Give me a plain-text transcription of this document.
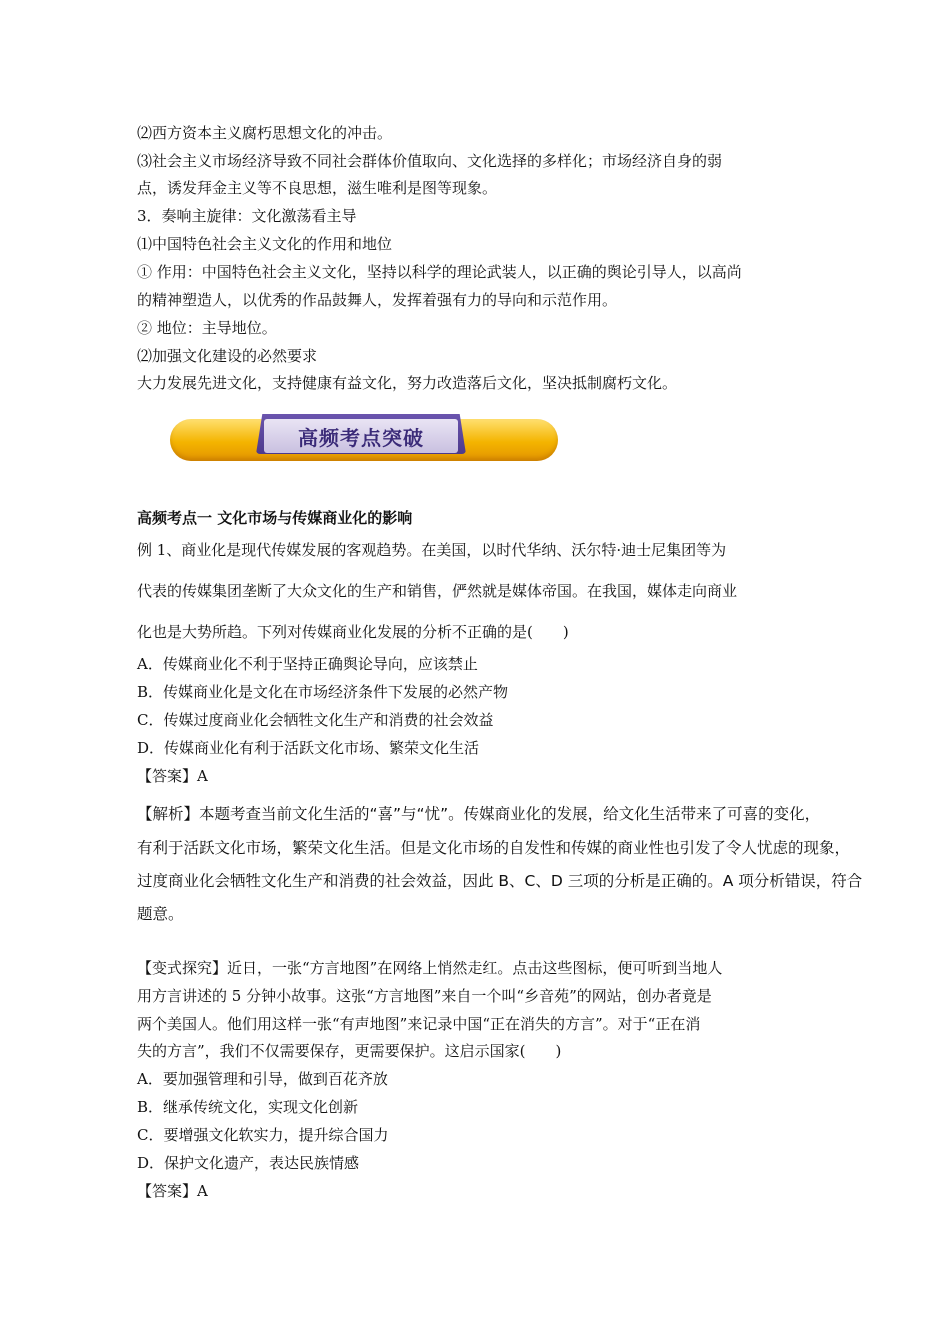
⑵西方资本主义腐朽思想文化的冲击。
⑶社会主义市场经济导致不同社会群体价值取向、文化选择的多样化；市场经济自身的弱
点，诱发拜金主义等不良思想，滋生唯利是图等现象。
3．奏响主旋律：文化激荡看主导
⑴中国特色社会主义文化的作用和地位
① 作用：中国特色社会主义文化，坚持以科学的理论武装人，以正确的舆论引导人，以高尚
的精神塑造人，以优秀的作品鼓舞人，发挥着强有力的导向和示范作用。
② 地位：主导地位。
⑵加强文化建设的必然要求
大力发展先进文化，支持健康有益文化，努力改造落后文化，坚决抵制腐朽文化。
高频考点突破
高频考点一 文化市场与传媒商业化的影响
例 1、商业化是现代传媒发展的客观趋势。在美国，以时代华纳、沃尔特·迪士尼集团等为
代表的传媒集团垄断了大众文化的生产和销售，俨然就是媒体帝国。在我国，媒体走向商业
化也是大势所趋。下列对传媒商业化发展的分析不正确的是(　　)
A．传媒商业化不利于坚持正确舆论导向，应该禁止
B．传媒商业化是文化在市场经济条件下发展的必然产物
C．传媒过度商业化会牺牲文化生产和消费的社会效益
D．传媒商业化有利于活跃文化市场、繁荣文化生活
【答案】A
【解析】本题考查当前文化生活的“喜”与“忧”。传媒商业化的发展，给文化生活带来了可喜的变化，
有利于活跃文化市场，繁荣文化生活。但是文化市场的自发性和传媒的商业性也引发了令人忧虑的现象，
过度商业化会牺牲文化生产和消费的社会效益，因此 B、C、D 三项的分析是正确的。A 项分析错误，符合
题意。
【变式探究】近日，一张“方言地图”在网络上悄然走红。点击这些图标，便可听到当地人
用方言讲述的 5 分钟小故事。这张“方言地图”来自一个叫“乡音苑”的网站，创办者竟是
两个美国人。他们用这样一张“有声地图”来记录中国“正在消失的方言”。对于“正在消
失的方言”，我们不仅需要保存，更需要保护。这启示国家(　　)
A．要加强管理和引导，做到百花齐放
B．继承传统文化，实现文化创新
C．要增强文化软实力，提升综合国力
D．保护文化遗产，表达民族情感
【答案】A
